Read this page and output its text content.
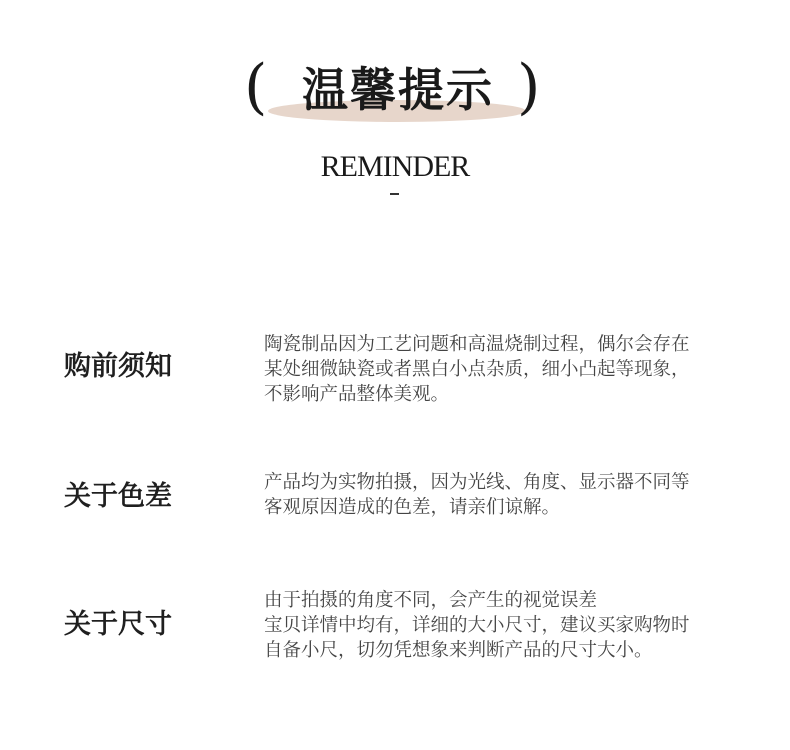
( 温馨提示 )
REMINDER
购前须知
陶瓷制品因为工艺问题和高温烧制过程，偶尔会存在
某处细微缺瓷或者黑白小点杂质，细小凸起等现象，
不影响产品整体美观。
关于色差	产品均为实物拍摄，因为光线、角度、显示器不同等
客观原因造成的色差，请亲们谅解。
关于尺寸
由于拍摄的角度不同，会产生的视觉误差
宝贝详情中均有，详细的大小尺寸，建议买家购物时
自备小尺，切勿凭想象来判断产品的尺寸大小。
